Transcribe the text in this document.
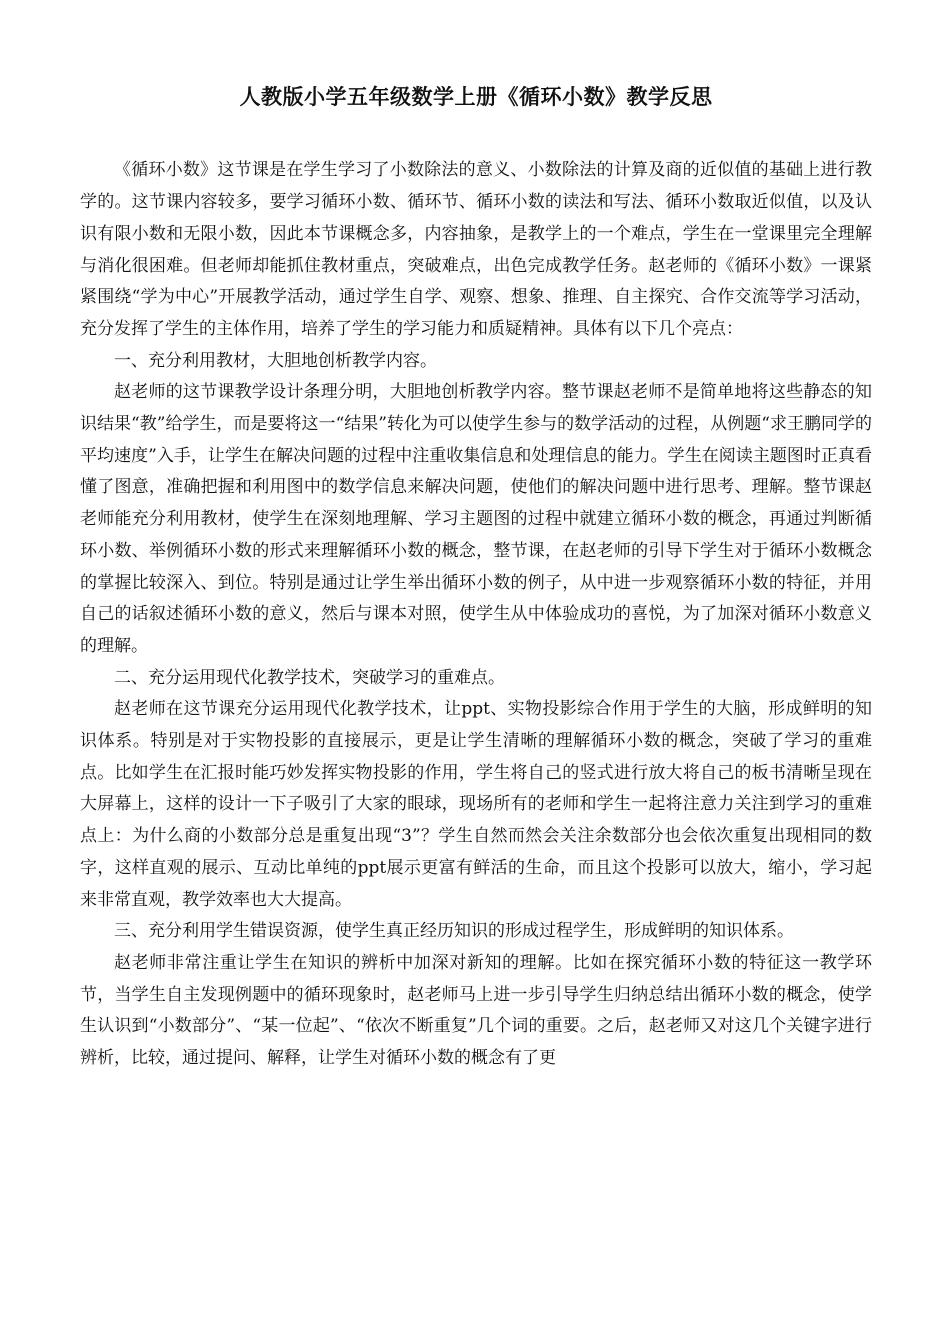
人教版小学五年级数学上册《循环小数》教学反思

《循环小数》这节课是在学生学习了小数除法的意义、小数除法的计算及商的近似值的基础上进行教学的。这节课内容较多，要学习循环小数、循环节、循环小数的读法和写法、循环小数取近似值，以及认识有限小数和无限小数，因此本节课概念多，内容抽象，是教学上的一个难点，学生在一堂课里完全理解与消化很困难。但老师却能抓住教材重点，突破难点，出色完成教学任务。赵老师的《循环小数》一课紧紧围绕“学为中心”开展教学活动，通过学生自学、观察、想象、推理、自主探究、合作交流等学习活动，充分发挥了学生的主体作用，培养了学生的学习能力和质疑精神。具体有以下几个亮点：

一、充分利用教材，大胆地创析教学内容。

赵老师的这节课教学设计条理分明，大胆地创析教学内容。整节课赵老师不是简单地将这些静态的知识结果“教”给学生，而是要将这一“结果”转化为可以使学生参与的数学活动的过程，从例题“求王鹏同学的平均速度”入手，让学生在解决问题的过程中注重收集信息和处理信息的能力。学生在阅读主题图时正真看懂了图意，准确把握和利用图中的数学信息来解决问题，使他们的解决问题中进行思考、理解。整节课赵老师能充分利用教材，使学生在深刻地理解、学习主题图的过程中就建立循环小数的概念，再通过判断循环小数、举例循环小数的形式来理解循环小数的概念，整节课，在赵老师的引导下学生对于循环小数概念的掌握比较深入、到位。特别是通过让学生举出循环小数的例子，从中进一步观察循环小数的特征，并用自己的话叙述循环小数的意义，然后与课本对照，使学生从中体验成功的喜悦，为了加深对循环小数意义的理解。

二、充分运用现代化教学技术，突破学习的重难点。

赵老师在这节课充分运用现代化教学技术，让ppt、实物投影综合作用于学生的大脑，形成鲜明的知识体系。特别是对于实物投影的直接展示，更是让学生清晰的理解循环小数的概念，突破了学习的重难点。比如学生在汇报时能巧妙发挥实物投影的作用，学生将自己的竖式进行放大将自己的板书清晰呈现在大屏幕上，这样的设计一下子吸引了大家的眼球，现场所有的老师和学生一起将注意力关注到学习的重难点上：为什么商的小数部分总是重复出现“3”？学生自然而然会关注余数部分也会依次重复出现相同的数字，这样直观的展示、互动比单纯的ppt展示更富有鲜活的生命，而且这个投影可以放大，缩小，学习起来非常直观，教学效率也大大提高。

三、充分利用学生错误资源，使学生真正经历知识的形成过程学生，形成鲜明的知识体系。

赵老师非常注重让学生在知识的辨析中加深对新知的理解。比如在探究循环小数的特征这一教学环节，当学生自主发现例题中的循环现象时，赵老师马上进一步引导学生归纳总结出循环小数的概念，使学生认识到“小数部分”、“某一位起”、“依次不断重复”几个词的重要。之后，赵老师又对这几个关键字进行辨析，比较，通过提问、解释，让学生对循环小数的概念有了更
